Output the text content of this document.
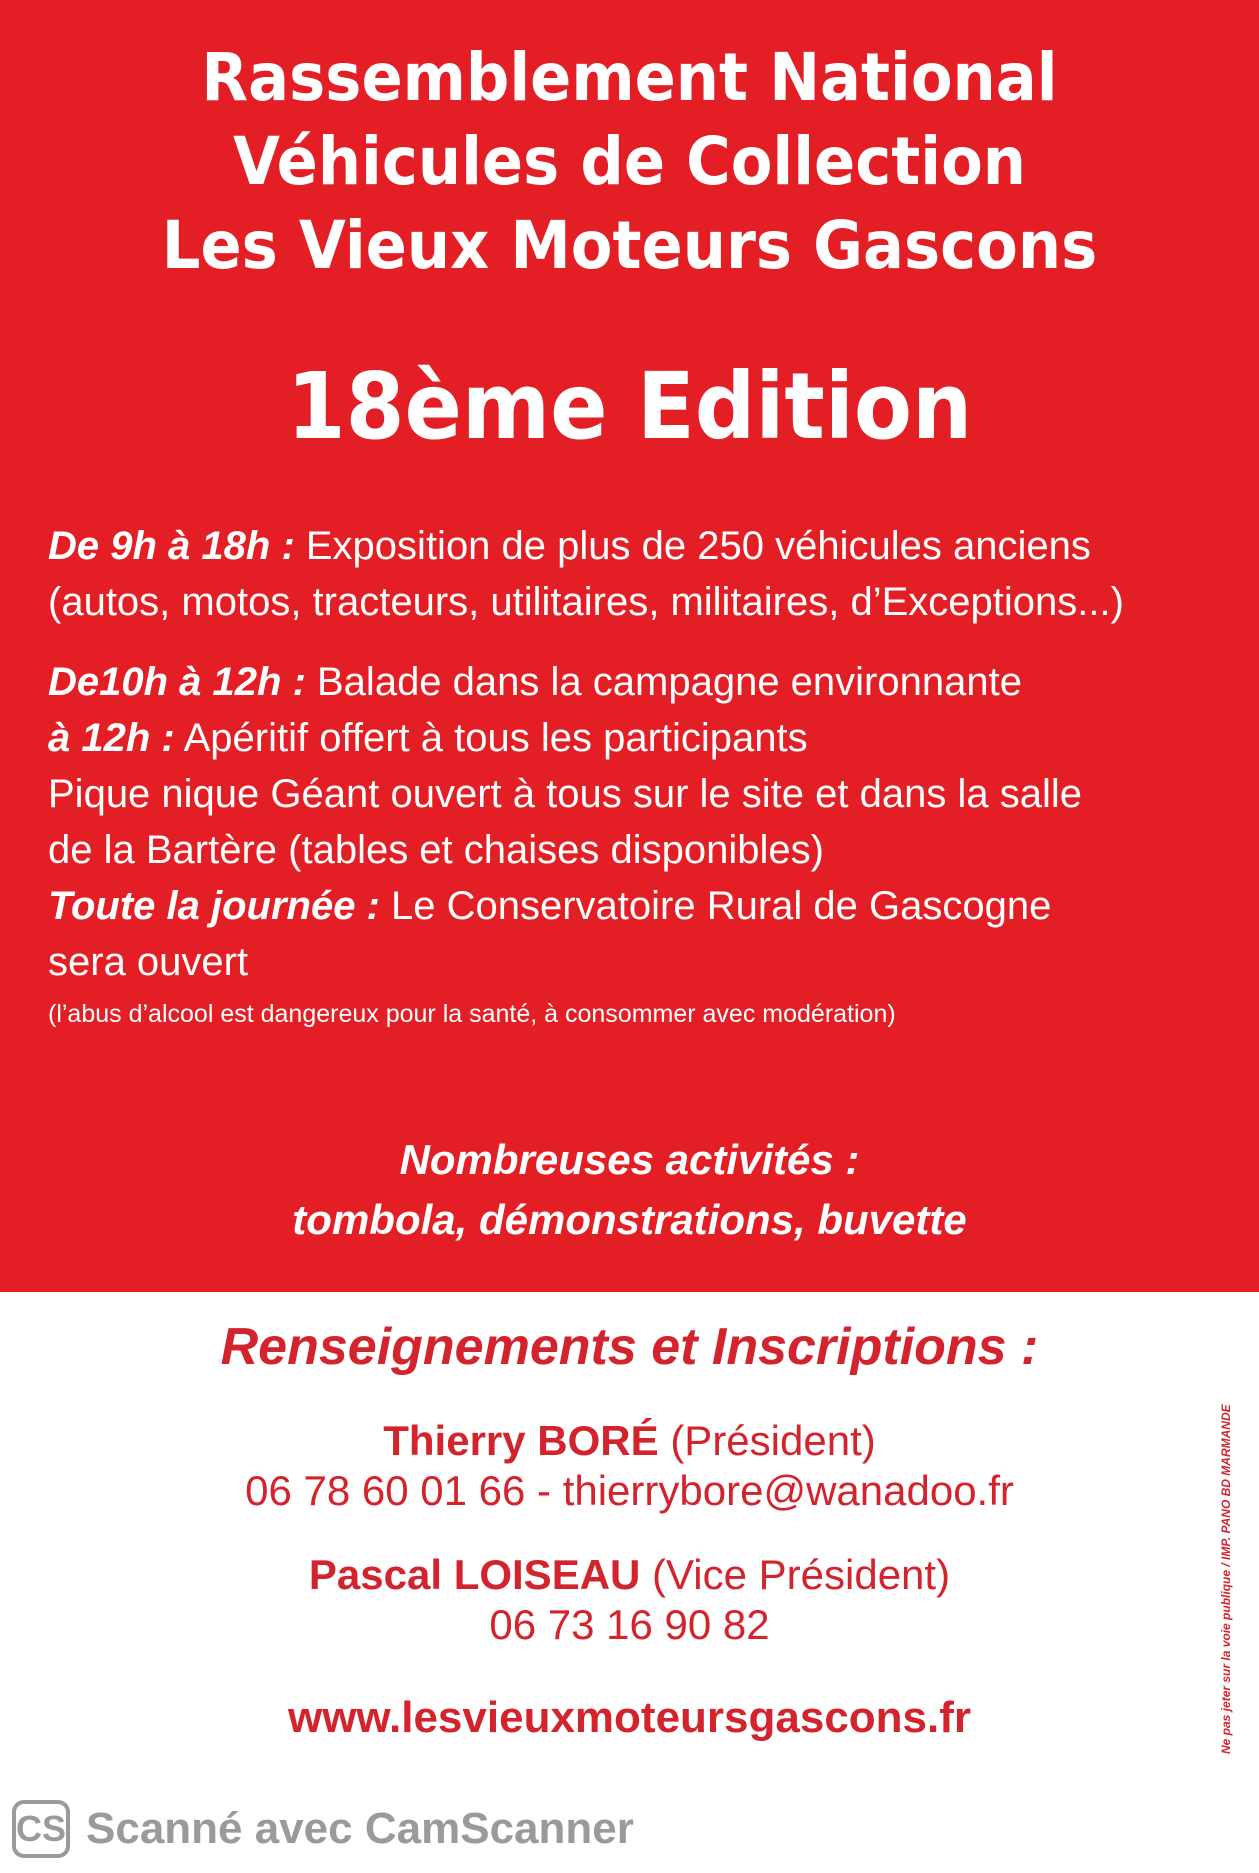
Rassemblement National
Véhicules de Collection
Les Vieux Moteurs Gascons
18ème Edition
De 9h à 18h : Exposition de plus de 250 véhicules anciens
(autos, motos, tracteurs, utilitaires, militaires, d’Exceptions...)
De10h à 12h : Balade dans la campagne environnante
à 12h : Apéritif offert à tous les participants
Pique nique Géant ouvert à tous sur le site et dans la salle
de la Bartère (tables et chaises disponibles)
Toute la journée : Le Conservatoire Rural de Gascogne
sera ouvert
(l’abus d’alcool est dangereux pour la santé, à consommer avec modération)
Nombreuses activités :
tombola, démonstrations, buvette
Renseignements et Inscriptions :
Thierry BORÉ (Président)
06 78 60 01 66 - thierrybore@wanadoo.fr
Pascal LOISEAU (Vice Président)
06 73 16 90 82
www.lesvieuxmoteursgascons.fr	Ne pas jeter sur la voie publique / IMP. PANO BD MARMANDE
CS Scanné avec CamScanner
